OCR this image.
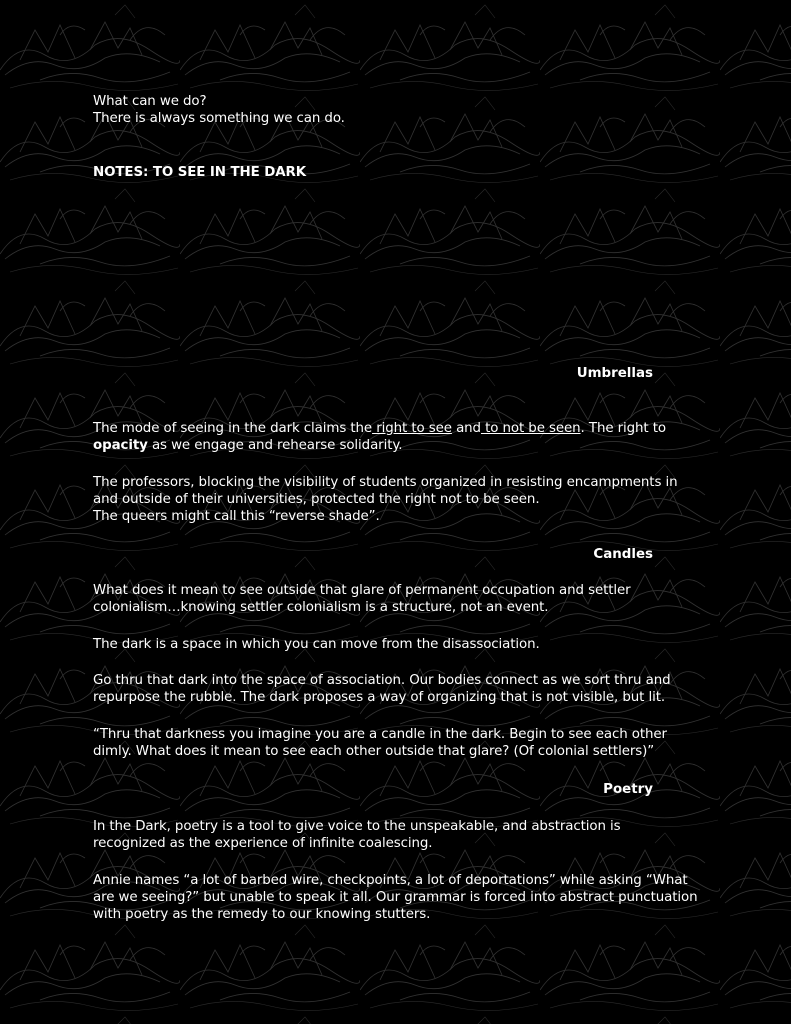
What can we do?

There is always something we can do.

NOTES: TO SEE IN THE DARK

Umbrellas

The mode of seeing in the dark claims the right to see and to not be seen. The right to
opacity as we engage and rehearse solidarity.

The professors, blocking the visibility of students organized in resisting encampments in

and outside of their universities, protected the right not to be seen.

The queers might call this “reverse shade”.

Candles

What does it mean to see outside that glare of permanent occupation and settler

colonialism…knowing settler colonialism is a structure, not an event.

The dark is a space in which you can move from the disassociation.

Go thru that dark into the space of association. Our bodies connect as we sort thru and

repurpose the rubble. The dark proposes a way of organizing that is not visible, but lit.

“Thru that darkness you imagine you are a candle in the dark. Begin to see each other

dimly. What does it mean to see each other outside that glare? (Of colonial settlers)”

Poetry

In the Dark, poetry is a tool to give voice to the unspeakable, and abstraction is

recognized as the experience of infinite coalescing.

Annie names “a lot of barbed wire, checkpoints, a lot of deportations” while asking “What

are we seeing?” but unable to speak it all. Our grammar is forced into abstract punctuation

with poetry as the remedy to our knowing stutters.
